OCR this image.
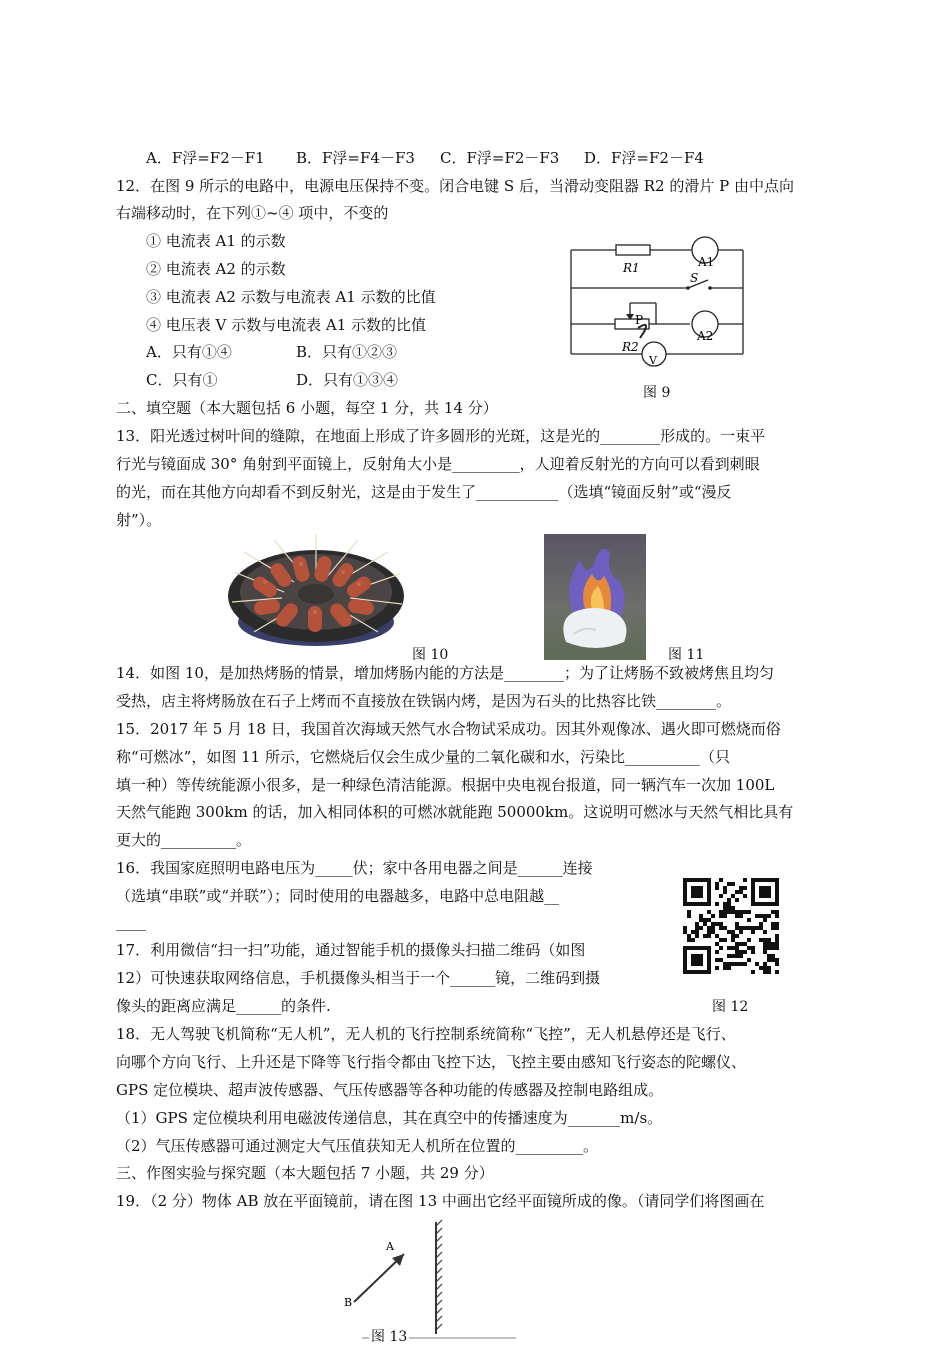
A．F浮=F2－F1 B．F浮=F4－F3 C．F浮=F2－F3 D．F浮=F2－F4
12．在图 9 所示的电路中，电源电压保持不变。闭合电键 S 后，当滑动变阻器 R2 的滑片 P 由中点向
右端移动时，在下列①~④ 项中，不变的
① 电流表 A1 的示数
② 电流表 A2 的示数
③ 电流表 A2 示数与电流表 A1 示数的比值
④ 电压表 V 示数与电流表 A1 示数的比值
A．只有①④	B．只有①②③
C．只有①	D．只有①③④
R1	A1
S
P
A2
R2
V
图 9
二、填空题（本大题包括 6 小题，每空 1 分，共 14 分）
13．阳光透过树叶间的缝隙，在地面上形成了许多圆形的光斑，这是光的________形成的。一束平
行光与镜面成 30° 角射到平面镜上，反射角大小是_________，人迎着反射光的方向可以看到刺眼
的光，而在其他方向却看不到反射光，这是由于发生了___________（选填“镜面反射”或“漫反
射”）。
图 10	图 11
14．如图 10，是加热烤肠的情景，增加烤肠内能的方法是________；为了让烤肠不致被烤焦且均匀
受热，店主将烤肠放在石子上烤而不直接放在铁锅内烤，是因为石头的比热容比铁________。
15．2017 年 5 月 18 日，我国首次海域天然气水合物试采成功。因其外观像冰、遇火即可燃烧而俗
称“可燃冰”，如图 11 所示，它燃烧后仅会生成少量的二氧化碳和水，污染比__________（只
填一种）等传统能源小很多，是一种绿色清洁能源。根据中央电视台报道，同一辆汽车一次加 100L
天然气能跑 300km 的话，加入相同体积的可燃冰就能跑 50000km。这说明可燃冰与天然气相比具有
更大的__________。
16．我国家庭照明电路电压为_____伏；家中各用电器之间是______连接
（选填“串联”或“并联”）；同时使用的电器越多，电路中总电阻越__
____
17．利用微信“扫一扫”功能，通过智能手机的摄像头扫描二维码（如图
12）可快速获取网络信息，手机摄像头相当于一个______镜，二维码到摄
像头的距离应满足______的条件.	图 12
18．无人驾驶飞机简称“无人机”，无人机的飞行控制系统简称“飞控”，无人机悬停还是飞行、
向哪个方向飞行、上升还是下降等飞行指令都由飞控下达，飞控主要由感知飞行姿态的陀螺仪、
GPS 定位模块、超声波传感器、气压传感器等各种功能的传感器及控制电路组成。
（1）GPS 定位模块利用电磁波传递信息，其在真空中的传播速度为_______m/s。
（2）气压传感器可通过测定大气压值获知无人机所在位置的_________。
三、作图实验与探究题（本大题包括 7 小题，共 29 分）
19．（2 分）物体 AB 放在平面镜前，请在图 13 中画出它经平面镜所成的像。（请同学们将图画在
A
B
图 13
